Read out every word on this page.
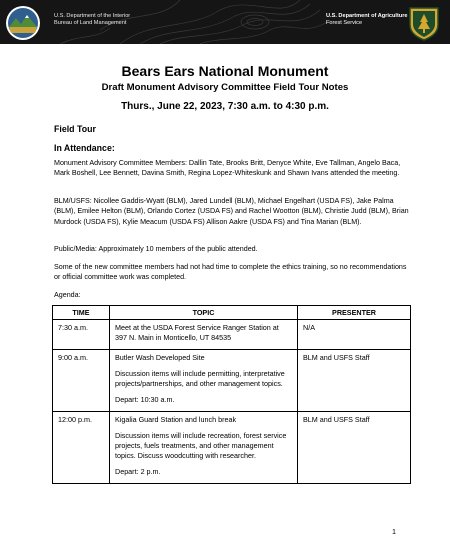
U.S. Department of the Interior
Bureau of Land Management
U.S. Department of Agriculture
Forest Service
Bears Ears National Monument
Draft Monument Advisory Committee Field Tour Notes
Thurs., June 22, 2023, 7:30 a.m. to 4:30 p.m.
Field Tour
In Attendance:
Monument Advisory Committee Members: Dallin Tate, Brooks Britt, Denyce White, Eve Tallman, Angelo Baca, Mark Boshell, Lee Bennett, Davina Smith, Regina Lopez-Whiteskunk and Shawn Ivans attended the meeting.
BLM/USFS: Nicollee Gaddis-Wyatt (BLM), Jared Lundell (BLM), Michael Engelhart (USDA FS), Jake Palma (BLM), Emilee Helton (BLM), Orlando Cortez (USDA FS) and Rachel Wootton (BLM), Christie Judd (BLM), Brian Murdock (USDA FS), Kylie Meacum (USDA FS) Allison Aakre (USDA FS) and Tina Marian (BLM).
Public/Media: Approximately 10 members of the public attended.
Some of the new committee members had not had time to complete the ethics training, so no recommendations or official committee work was completed.
Agenda:
TIME	TOPIC	PRESENTER
7:30 a.m.	Meet at the USDA Forest Service Ranger Station at 397 N. Main in Monticello, UT 84535	N/A
9:00 a.m.	Butler Wash Developed Site

Discussion items will include permitting, interpretative projects/partnerships, and other management topics.

Depart: 10:30 a.m.	BLM and USFS Staff
12:00 p.m.	Kigalia Guard Station and lunch break

Discussion items will include recreation, forest service projects, fuels treatments, and other management topics. Discuss woodcutting with researcher.

Depart: 2 p.m.	BLM and USFS Staff
1
